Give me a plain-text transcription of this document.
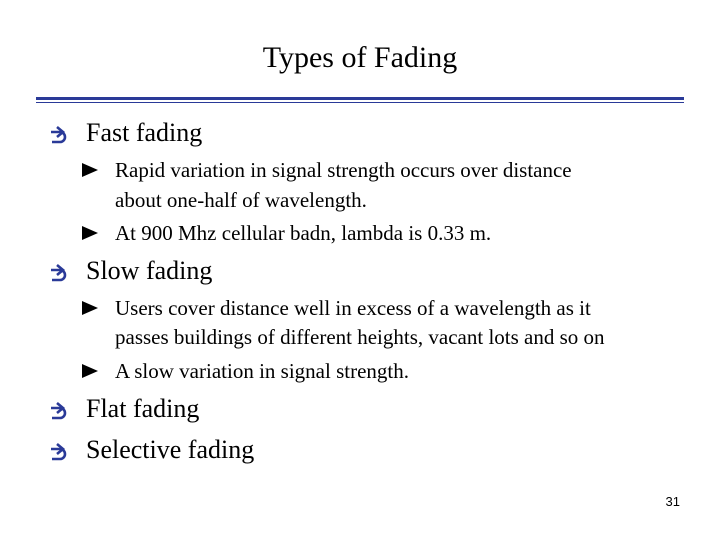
Types of Fading
Fast fading
Rapid variation in signal strength occurs over distance
about one-half of wavelength.
At 900 Mhz cellular badn, lambda is 0.33 m.
Slow fading
Users cover distance well in excess of a wavelength as it
passes buildings of different heights, vacant lots and so on
A slow variation in signal strength.
Flat fading
Selective fading
31
